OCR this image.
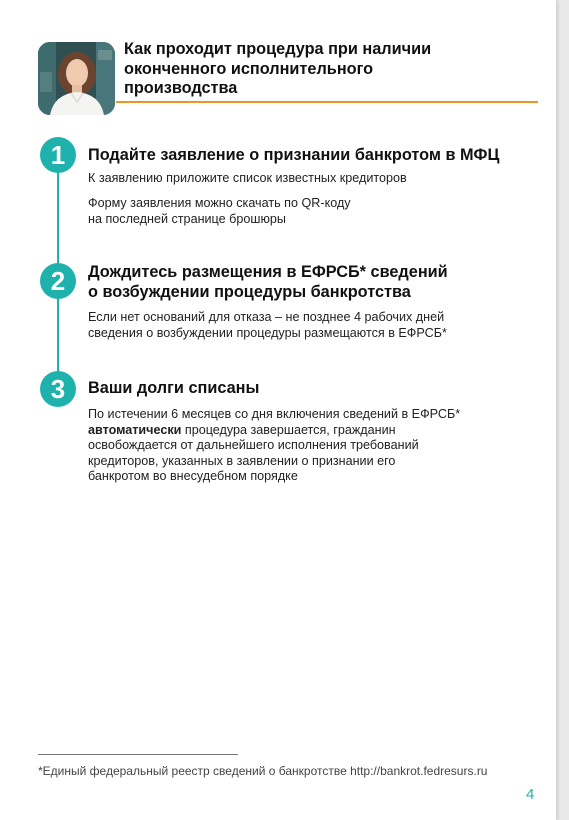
Как проходит процедура при наличии
оконченного исполнительного
производства
1	Подайте заявление о признании банкротом в МФЦ
К заявлению приложите список известных кредиторов
Форму заявления можно скачать по QR-коду
на последней странице брошюры
2	Дождитесь размещения в ЕФРСБ* сведений
о возбуждении процедуры банкротства
Если нет оснований для отказа – не позднее 4 рабочих дней
сведения о возбуждении процедуры размещаются в ЕФРСБ*
3	Ваши долги списаны
По истечении 6 месяцев со дня включения сведений в ЕФРСБ*
автоматически процедура завершается, гражданин
освобождается от дальнейшего исполнения требований
кредиторов, указанных в заявлении о признании его
банкротом во внесудебном порядке
*Единый федеральный реестр сведений о банкротстве http://bankrot.fedresurs.ru
4
